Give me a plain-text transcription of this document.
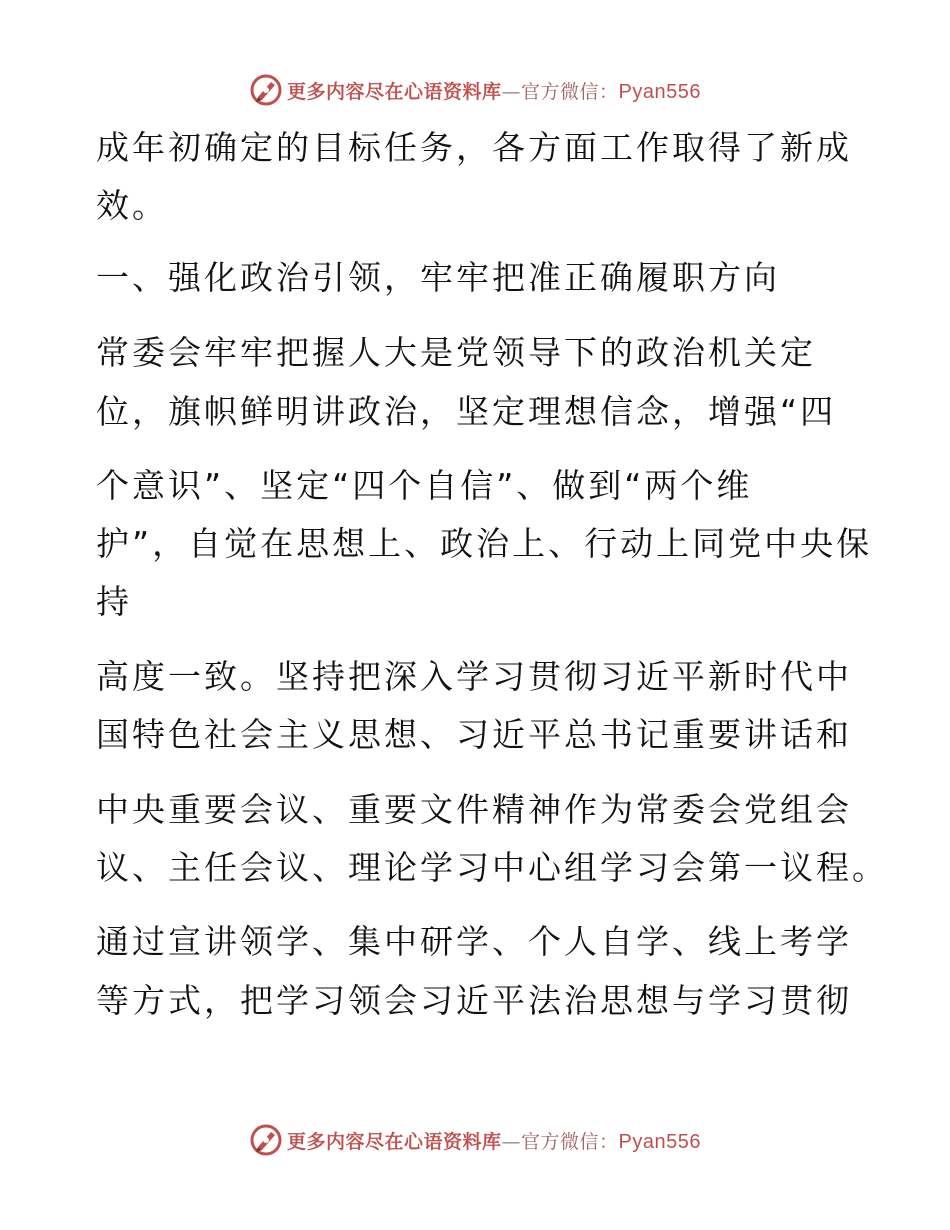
更多内容尽在心语资料库—官方微信：Pyan556
成年初确定的目标任务，各方面工作取得了新成
效。
一、强化政治引领，牢牢把准正确履职方向
常委会牢牢把握人大是党领导下的政治机关定
位，旗帜鲜明讲政治，坚定理想信念，增强“四
个意识”、坚定“四个自信”、做到“两个维
护”，自觉在思想上、政治上、行动上同党中央保
持
高度一致。坚持把深入学习贯彻习近平新时代中
国特色社会主义思想、习近平总书记重要讲话和
中央重要会议、重要文件精神作为常委会党组会
议、主任会议、理论学习中心组学习会第一议程。
通过宣讲领学、集中研学、个人自学、线上考学
等方式，把学习领会习近平法治思想与学习贯彻
更多内容尽在心语资料库—官方微信：Pyan556
